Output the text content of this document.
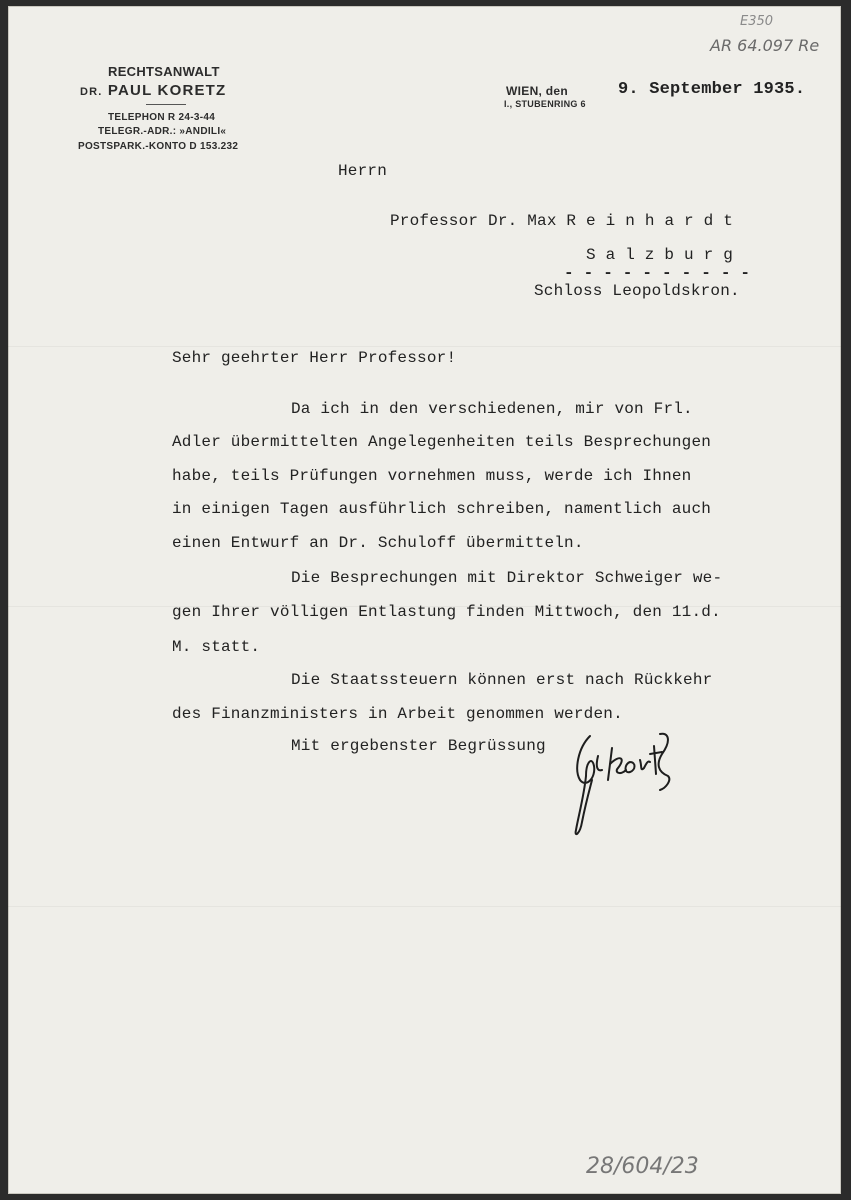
E350
AR 64.097 Re
28/604/23
RECHTSANWALT
DR. PAUL KORETZ
TELEPHON R 24-3-44
TELEGR.-ADR.: »ANDILI«
POSTSPARK.-KONTO D 153.232
WIEN, den
I., STUBENRING 6
9. September 1935.
Herrn
Professor Dr. Max R e i n h a r d t
S a l z b u r g
- - - - - - - - - -
Schloss Leopoldskron.
Sehr geehrter Herr Professor!
Da ich in den verschiedenen, mir von Frl.
Adler übermittelten Angelegenheiten teils Besprechungen
habe, teils Prüfungen vornehmen muss, werde ich Ihnen
in einigen Tagen ausführlich schreiben, namentlich auch
einen Entwurf an Dr. Schuloff übermitteln.
Die Besprechungen mit Direktor Schweiger we-
gen Ihrer völligen Entlastung finden Mittwoch, den 11.d.
M. statt.
Die Staatssteuern können erst nach Rückkehr
des Finanzministers in Arbeit genommen werden.
Mit ergebenster Begrüssung
